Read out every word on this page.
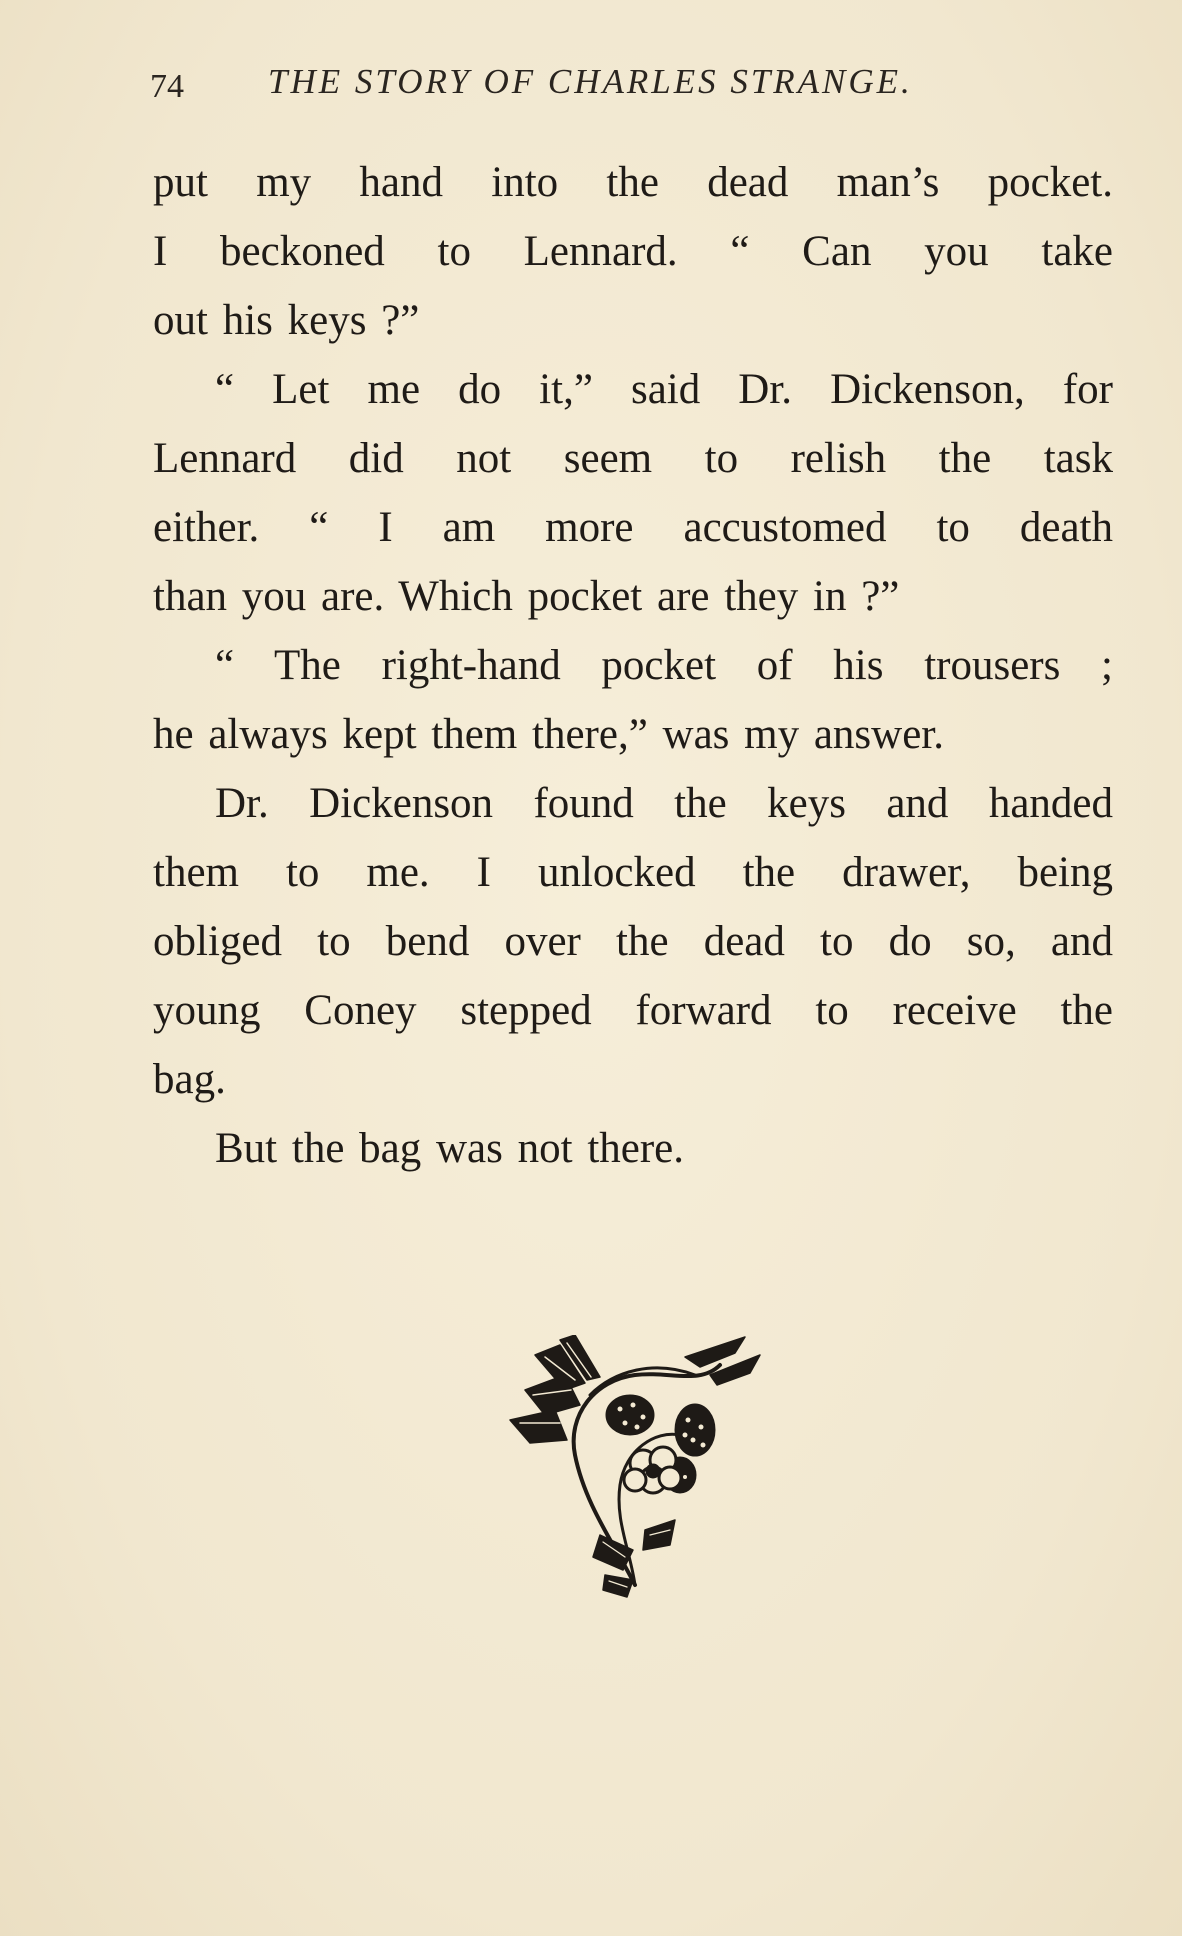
74 THE STORY OF CHARLES STRANGE.
put my hand into the dead man’s pocket.
I beckoned to Lennard. “ Can you take
out his keys ?”
“ Let me do it,” said Dr. Dickenson, for
Lennard did not seem to relish the task
either. “ I am more accustomed to death
than you are. Which pocket are they in ?”
“ The right-hand pocket of his trousers ;
he always kept them there,” was my answer.
Dr. Dickenson found the keys and handed
them to me. I unlocked the drawer, being
obliged to bend over the dead to do so, and
young Coney stepped forward to receive the
bag.
But the bag was not there.
